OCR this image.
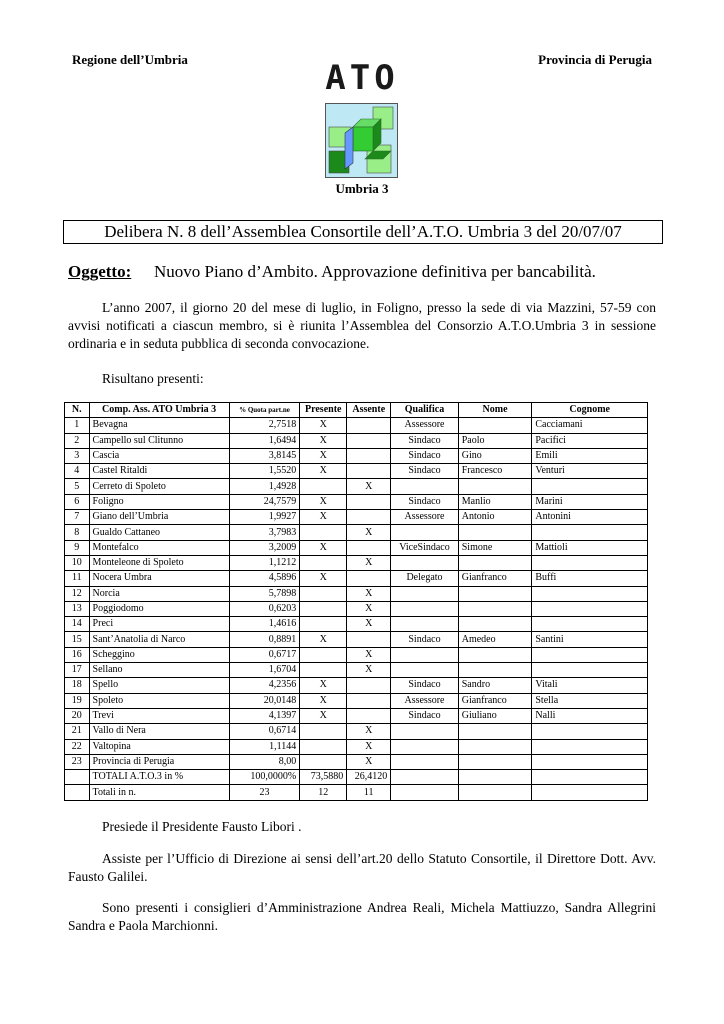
Regione dell’Umbria	Provincia di Perugia
ATO
Umbria 3
Delibera N. 8 dell’Assemblea Consortile dell’A.T.O. Umbria 3 del 20/07/07
Oggetto: Nuovo Piano d’Ambito. Approvazione definitiva per bancabilità.
L’anno 2007, il giorno 20 del mese di luglio, in Foligno, presso la sede di via Mazzini, 57-59 con avvisi notificati a ciascun membro, si è riunita l’Assemblea del Consorzio A.T.O.Umbria 3 in sessione ordinaria e in seduta pubblica di seconda convocazione.
Risultano presenti:
N.	Comp. Ass. ATO Umbria 3	% Quota part.ne	Presente	Assente	Qualifica	Nome	Cognome
1	Bevagna	2,7518	X		Assessore		Cacciamani
2	Campello sul Clitunno	1,6494	X		Sindaco	Paolo	Pacifici
3	Cascia	3,8145	X		Sindaco	Gino	Emili
4	Castel Ritaldi	1,5520	X		Sindaco	Francesco	Venturi
5	Cerreto di Spoleto	1,4928		X			
6	Foligno	24,7579	X		Sindaco	Manlio	Marini
7	Giano dell’Umbria	1,9927	X		Assessore	Antonio	Antonini
8	Gualdo Cattaneo	3,7983		X			
9	Montefalco	3,2009	X		ViceSindaco	Simone	Mattioli
10	Monteleone di Spoleto	1,1212		X			
11	Nocera Umbra	4,5896	X		Delegato	Gianfranco	Buffi
12	Norcia	5,7898		X			
13	Poggiodomo	0,6203		X			
14	Preci	1,4616		X			
15	Sant’Anatolia di Narco	0,8891	X		Sindaco	Amedeo	Santini
16	Scheggino	0,6717		X			
17	Sellano	1,6704		X			
18	Spello	4,2356	X		Sindaco	Sandro	Vitali
19	Spoleto	20,0148	X		Assessore	Gianfranco	Stella
20	Trevi	4,1397	X		Sindaco	Giuliano	Nalli
21	Vallo di Nera	0,6714		X			
22	Valtopina	1,1144		X			
23	Provincia di Perugia	8,00		X			
	TOTALI A.T.O.3 in %	100,0000%	73,5880	26,4120			
	Totali in n.	23	12	11			
Presiede il Presidente Fausto Libori .
Assiste per l’Ufficio di Direzione ai sensi dell’art.20 dello Statuto Consortile, il Direttore Dott. Avv. Fausto Galilei.
Sono presenti i consiglieri d’Amministrazione Andrea Reali, Michela Mattiuzzo, Sandra Allegrini Sandra e Paola Marchionni.
